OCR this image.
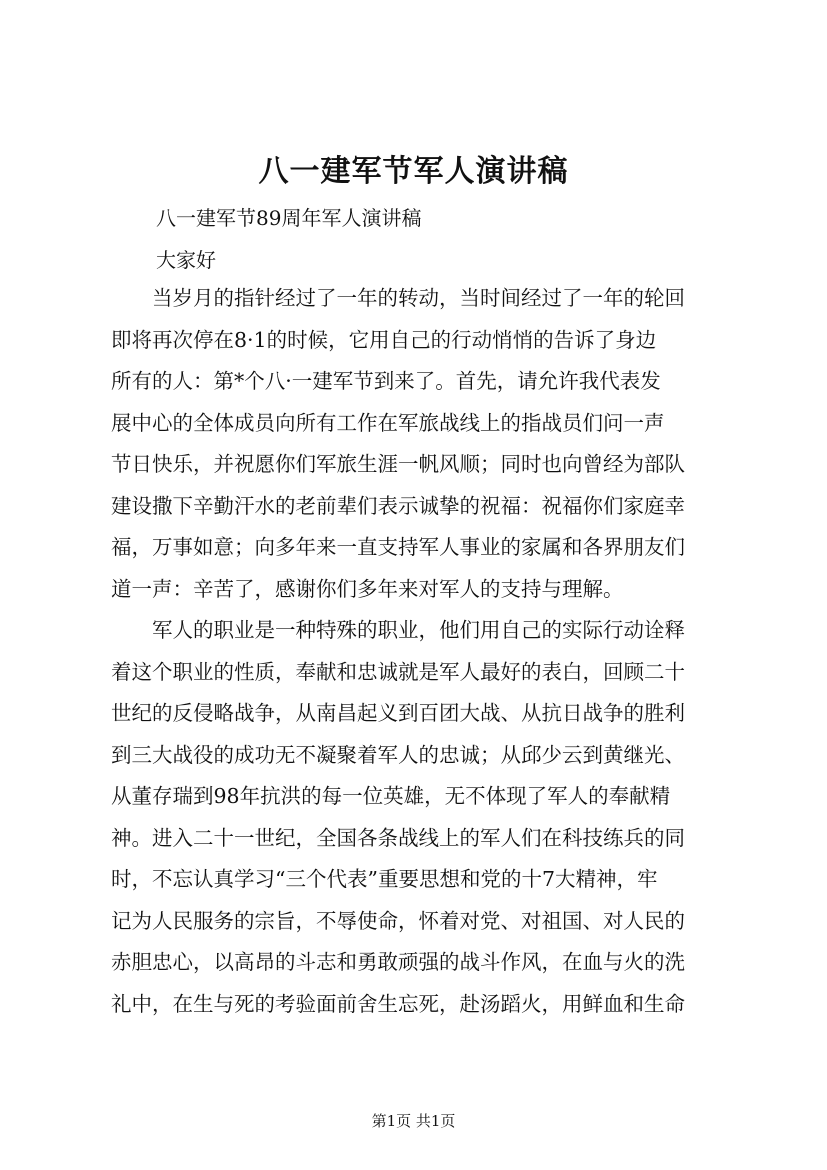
八一建军节军人演讲稿

八一建军节89周年军人演讲稿

大家好

　　当岁月的指针经过了一年的转动，当时间经过了一年的轮回
即将再次停在8·1的时候，它用自己的行动悄悄的告诉了身边
所有的人：第*个八·一建军节到来了。首先，请允许我代表发
展中心的全体成员向所有工作在军旅战线上的指战员们问一声
节日快乐，并祝愿你们军旅生涯一帆风顺；同时也向曾经为部队
建设撒下辛勤汗水的老前辈们表示诚挚的祝福：祝福你们家庭幸
福，万事如意；向多年来一直支持军人事业的家属和各界朋友们
道一声：辛苦了，感谢你们多年来对军人的支持与理解。
　　军人的职业是一种特殊的职业，他们用自己的实际行动诠释
着这个职业的性质，奉献和忠诚就是军人最好的表白，回顾二十
世纪的反侵略战争，从南昌起义到百团大战、从抗日战争的胜利
到三大战役的成功无不凝聚着军人的忠诚；从邱少云到黄继光、
从董存瑞到98年抗洪的每一位英雄，无不体现了军人的奉献精
神。进入二十一世纪，全国各条战线上的军人们在科技练兵的同
时，不忘认真学习“三个代表”重要思想和党的十7大精神，牢
记为人民服务的宗旨，不辱使命，怀着对党、对祖国、对人民的
赤胆忠心，以高昂的斗志和勇敢顽强的战斗作风，在血与火的洗
礼中，在生与死的考验面前舍生忘死，赴汤蹈火，用鲜血和生命

第1页 共1页
